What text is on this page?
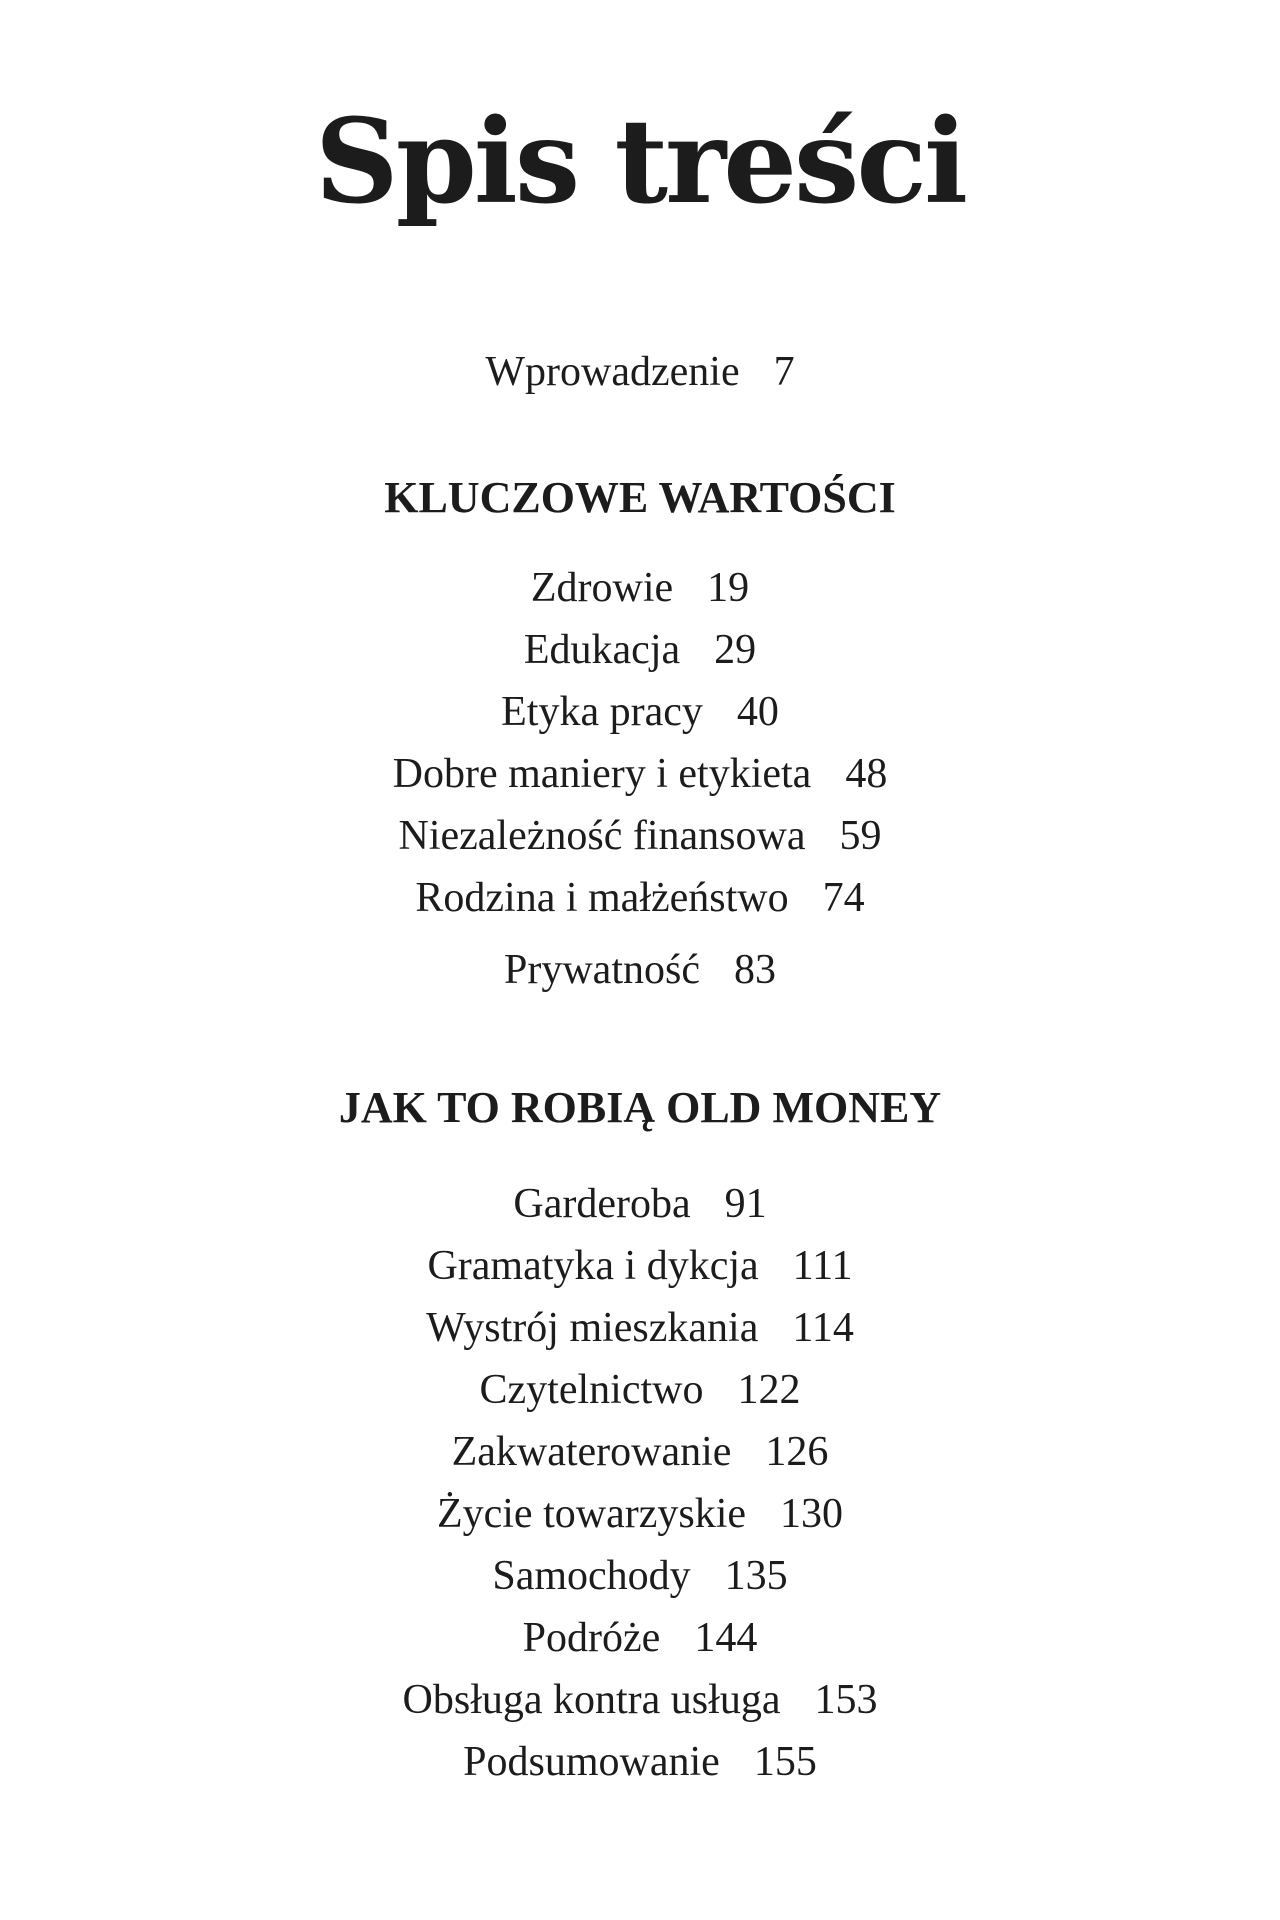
Spis treści
Wprowadzenie 7
KLUCZOWE WARTOŚCI
Zdrowie 19
Edukacja 29
Etyka pracy 40
Dobre maniery i etykieta 48
Niezależność finansowa 59
Rodzina i małżeństwo 74
Prywatność 83
JAK TO ROBIĄ OLD MONEY
Garderoba 91
Gramatyka i dykcja 111
Wystrój mieszkania 114
Czytelnictwo 122
Zakwaterowanie 126
Życie towarzyskie 130
Samochody 135
Podróże 144
Obsługa kontra usługa 153
Podsumowanie 155
